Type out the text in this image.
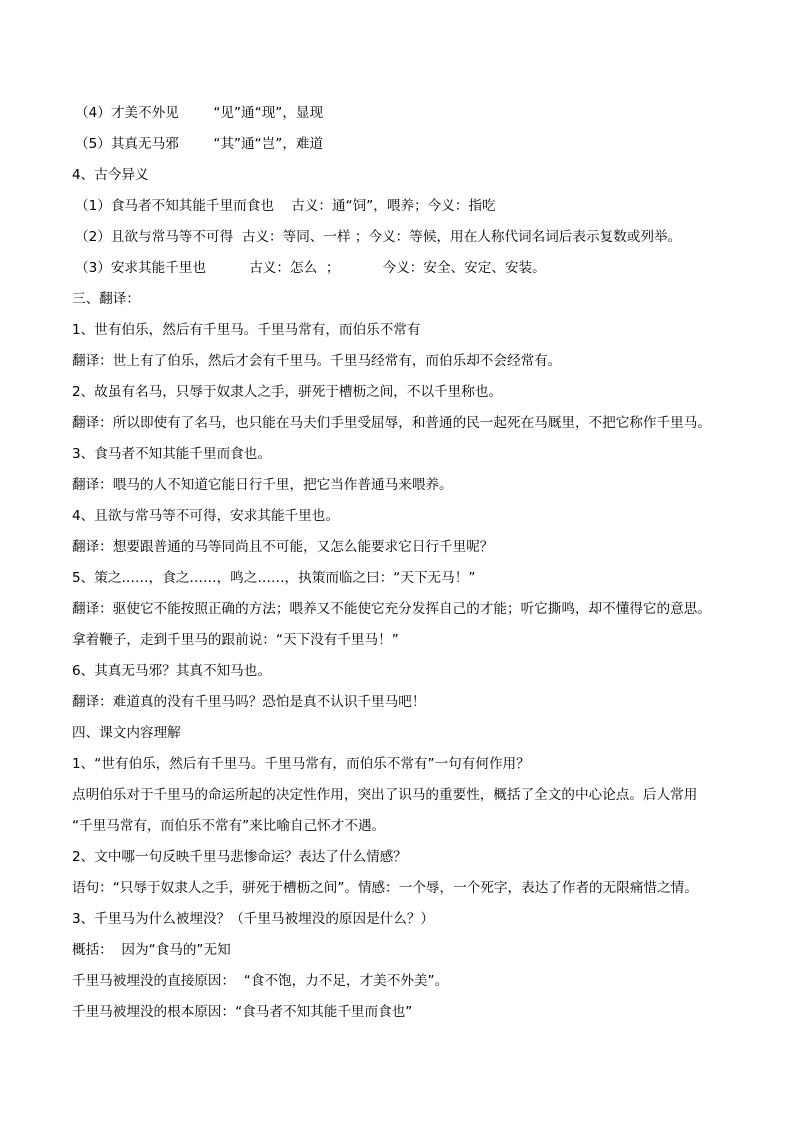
（4）才美不外见        “见”通“现”，显现
（5）其真无马邪        “其”通“岂”，难道
4、古今异义
（1）食马者不知其能千里而食也    古义：通“饲”，喂养；今义：指吃
（2）且欲与常马等不可得  古义：等同、一样 ；今义：等候，用在人称代词名词后表示复数或列举。
（3）安求其能千里也          古义：怎么  ；          今义：安全、安定、安装。
三、翻译：
1、世有伯乐，然后有千里马。千里马常有，而伯乐不常有
翻译：世上有了伯乐，然后才会有千里马。千里马经常有，而伯乐却不会经常有。
2、故虽有名马，只辱于奴隶人之手，骈死于槽枥之间，不以千里称也。
翻译：所以即使有了名马，也只能在马夫们手里受屈辱，和普通的民一起死在马厩里，不把它称作千里马。
3、食马者不知其能千里而食也。
翻译：喂马的人不知道它能日行千里，把它当作普通马来喂养。
4、且欲与常马等不可得，安求其能千里也。
翻译：想要跟普通的马等同尚且不可能，又怎么能要求它日行千里呢？
5、策之……，食之……，鸣之……，执策而临之曰：“天下无马！”
翻译：驱使它不能按照正确的方法；喂养又不能使它充分发挥自己的才能；听它撕鸣，却不懂得它的意思。
拿着鞭子，走到千里马的跟前说：“天下没有千里马！”
6、其真无马邪？其真不知马也。
翻译：难道真的没有千里马吗？恐怕是真不认识千里马吧！
四、课文内容理解
1、“世有伯乐，然后有千里马。千里马常有，而伯乐不常有”一句有何作用？
点明伯乐对于千里马的命运所起的决定性作用，突出了识马的重要性，概括了全文的中心论点。后人常用
“千里马常有，而伯乐不常有”来比喻自己怀才不遇。
2、文中哪一句反映千里马悲惨命运？表达了什么情感？
语句：“只辱于奴隶人之手，骈死于槽枥之间”。情感：一个辱，一个死字，表达了作者的无限痛惜之情。
3、千里马为什么被埋没？（千里马被埋没的原因是什么？）
概括：  因为“食马的”无知
千里马被埋没的直接原因：  “食不饱，力不足，才美不外美”。
千里马被埋没的根本原因：“食马者不知其能千里而食也”
